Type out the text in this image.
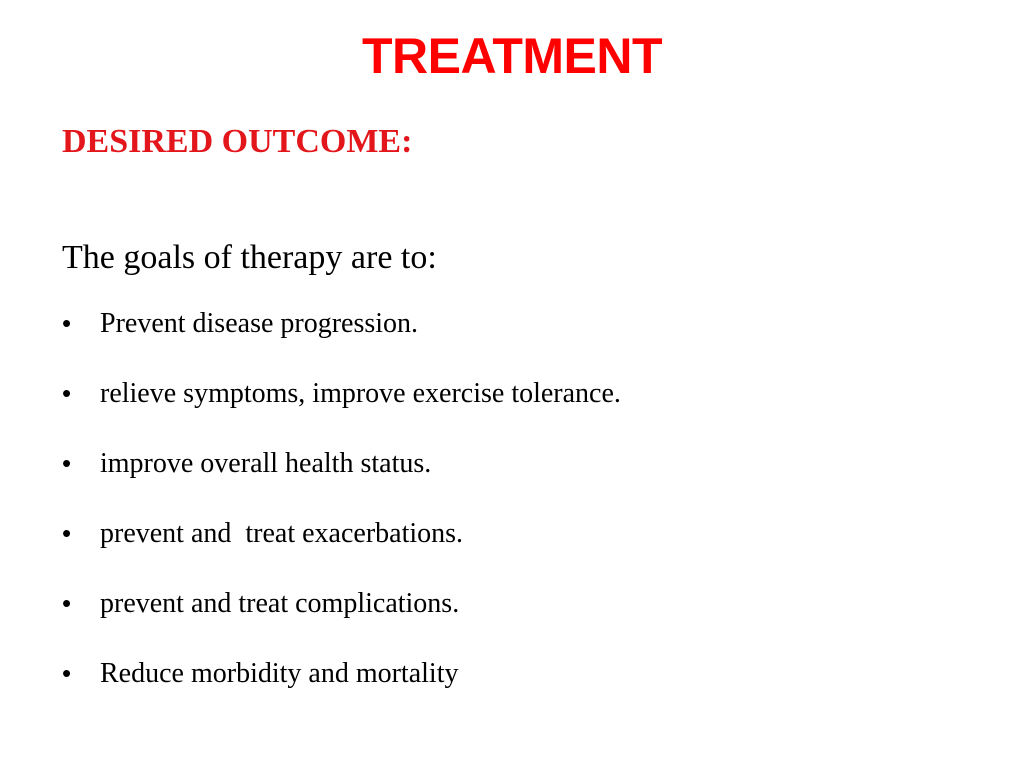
TREATMENT
DESIRED OUTCOME:
The goals of therapy are to:
•	Prevent disease progression.
•	relieve symptoms, improve exercise tolerance.
•	improve overall health status.
•	prevent and  treat exacerbations.
•	prevent and treat complications.
•	Reduce morbidity and mortality
